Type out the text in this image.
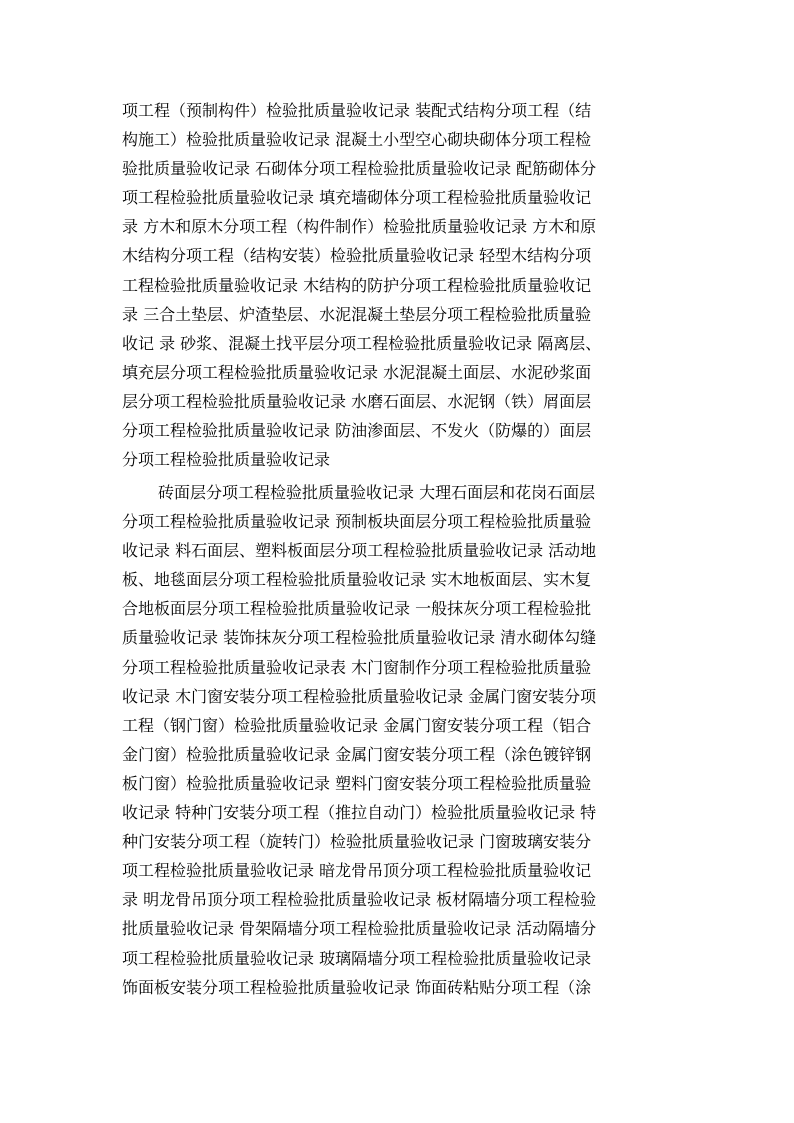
项工程（预制构件）检验批质量验收记录 装配式结构分项工程（结
构施工）检验批质量验收记录 混凝土小型空心砌块砌体分项工程检
验批质量验收记录 石砌体分项工程检验批质量验收记录 配筋砌体分
项工程检验批质量验收记录 填充墙砌体分项工程检验批质量验收记
录 方木和原木分项工程（构件制作）检验批质量验收记录 方木和原
木结构分项工程（结构安装）检验批质量验收记录 轻型木结构分项
工程检验批质量验收记录 木结构的防护分项工程检验批质量验收记
录 三合土垫层、炉渣垫层、水泥混凝土垫层分项工程检验批质量验
收记 录 砂浆、混凝土找平层分项工程检验批质量验收记录 隔离层、
填充层分项工程检验批质量验收记录 水泥混凝土面层、水泥砂浆面
层分项工程检验批质量验收记录 水磨石面层、水泥钢（铁）屑面层
分项工程检验批质量验收记录 防油渗面层、不发火（防爆的）面层
分项工程检验批质量验收记录
砖面层分项工程检验批质量验收记录 大理石面层和花岗石面层
分项工程检验批质量验收记录 预制板块面层分项工程检验批质量验
收记录 料石面层、塑料板面层分项工程检验批质量验收记录 活动地
板、地毯面层分项工程检验批质量验收记录 实木地板面层、实木复
合地板面层分项工程检验批质量验收记录 一般抹灰分项工程检验批
质量验收记录 装饰抹灰分项工程检验批质量验收记录 清水砌体勾缝
分项工程检验批质量验收记录表 木门窗制作分项工程检验批质量验
收记录 木门窗安装分项工程检验批质量验收记录 金属门窗安装分项
工程（钢门窗）检验批质量验收记录 金属门窗安装分项工程（铝合
金门窗）检验批质量验收记录 金属门窗安装分项工程（涂色镀锌钢
板门窗）检验批质量验收记录 塑料门窗安装分项工程检验批质量验
收记录 特种门安装分项工程（推拉自动门）检验批质量验收记录 特
种门安装分项工程（旋转门）检验批质量验收记录 门窗玻璃安装分
项工程检验批质量验收记录 暗龙骨吊顶分项工程检验批质量验收记
录 明龙骨吊顶分项工程检验批质量验收记录 板材隔墙分项工程检验
批质量验收记录 骨架隔墙分项工程检验批质量验收记录 活动隔墙分
项工程检验批质量验收记录 玻璃隔墙分项工程检验批质量验收记录
饰面板安装分项工程检验批质量验收记录 饰面砖粘贴分项工程（涂
